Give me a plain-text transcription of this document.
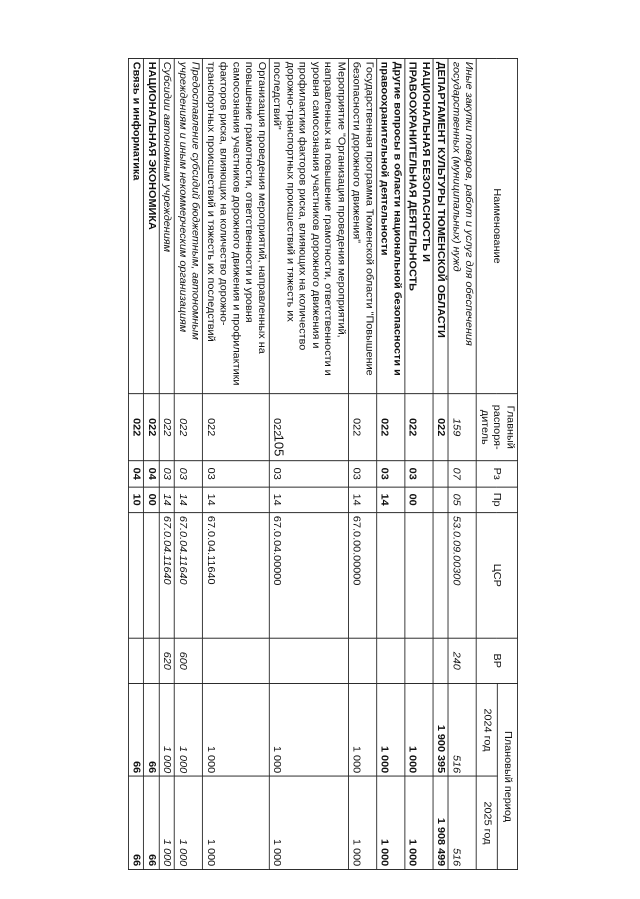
105
Наименование	Главный распоря-дитель	Рз	Пр	ЦСР	ВР	Плановый период	
						2024 год	2025 год
Иные закупки товаров, работ и услуг для обеспечения государственных (муниципальных) нужд	159	07	05	53.0.09.00300	240	516	516
ДЕПАРТАМЕНТ КУЛЬТУРЫ ТЮМЕНСКОЙ ОБЛАСТИ	022					1 900 395	1 908 499
НАЦИОНАЛЬНАЯ БЕЗОПАСНОСТЬ И ПРАВООХРАНИТЕЛЬНАЯ ДЕЯТЕЛЬНОСТЬ	022	03	00			1 000	1 000
Другие вопросы в области национальной безопасности и правоохранительной деятельности	022	03	14			1 000	1 000
Государственная программа Тюменской области "Повышение безопасности дорожного движения"	022	03	14	67.0.00.00000		1 000	1 000
Мероприятие "Организация проведения мероприятий, направленных на повышение грамотности, ответственности и уровня самосознания участников дорожного движения и профилактики факторов риска, влияющих на количество дорожно-транспортных происшествий и тяжесть их последствий"	022	03	14	67.0.04.00000		1 000	1 000
Организация проведения мероприятий, направленных на повышение грамотности, ответственности и уровня самосознания участников дорожного движения и профилактики факторов риска, влияющих на количество дорожно-транспортных происшествий и тяжесть их последствий	022	03	14	67.0.04.11640		1 000	1 000
Предоставление субсидий бюджетным, автономным учреждениям и иным некоммерческим организациям	022	03	14	67.0.04.11640	600	1 000	1 000
Субсидии автономным учреждениям	022	03	14	67.0.04.11640	620	1 000	1 000
НАЦИОНАЛЬНАЯ ЭКОНОМИКА	022	04	00			66	66
Связь и информатика	022	04	10			66	66
